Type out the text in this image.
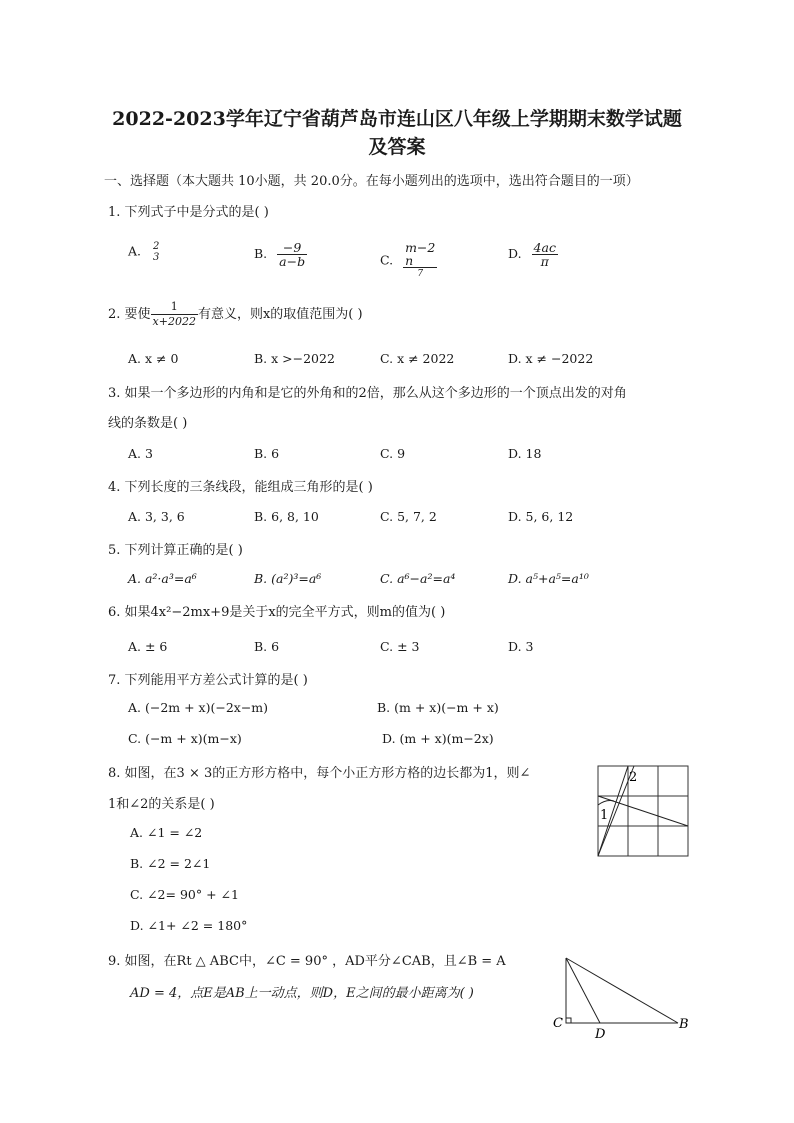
2022-2023学年辽宁省葫芦岛市连山区八年级上学期期末数学试题
及答案
一、选择题（本大题共 10小题，共 20.0分。在每小题列出的选项中，选出符合题目的一项）
1. 下列式子中是分式的是( )
A. 2
3	B. $\frac{-9}{a-b}$	C.
m−2
n
7
D. $\frac{4ac}{\pi}$
2. 要使 $\frac{1}{x+2022}$ 有意义，则x的取值范围为( )
A. x ≠ 0	B. x >−2022	C. x ≠ 2022	D. x ≠ −2022
3. 如果一个多边形的内角和是它的外角和的2倍，那么从这个多边形的一个顶点出发的对角
线的条数是( )
A. 3	B. 6	C. 9	D. 18
4. 下列长度的三条线段，能组成三角形的是( )
A. 3, 3, 6	B. 6, 8, 10	C. 5, 7, 2	D. 5, 6, 12
5. 下列计算正确的是( )
A. a²·a³=a⁶	B. (a²)³=a⁶	C. a⁶−a²=a⁴	D. a⁵+a⁵=a¹⁰
6. 如果4x²−2mx+9是关于x的完全平方式，则m的值为( )
A. ± 6	B. 6	C. ± 3	D. 3
7. 下列能用平方差公式计算的是( )
A. (−2m + x)(−2x−m)	B. (m + x)(−m + x)
C. (−m + x)(m−x)	D. (m + x)(m−2x)
8. 如图，在3 × 3的正方形方格中，每个小正方形方格的边长都为1，则∠
1和∠2的关系是( )
A. ∠1 = ∠2
B. ∠2 = 2∠1
C. ∠2= 90° + ∠1
D. ∠1+ ∠2 = 180°
2
1
9. 如图，在Rt △ ABC中，∠C = 90° ，AD平分∠CAB，且∠B = A
AD = 4，点E是AB上一动点，则D，E之间的最小距离为( )
C
D
B
